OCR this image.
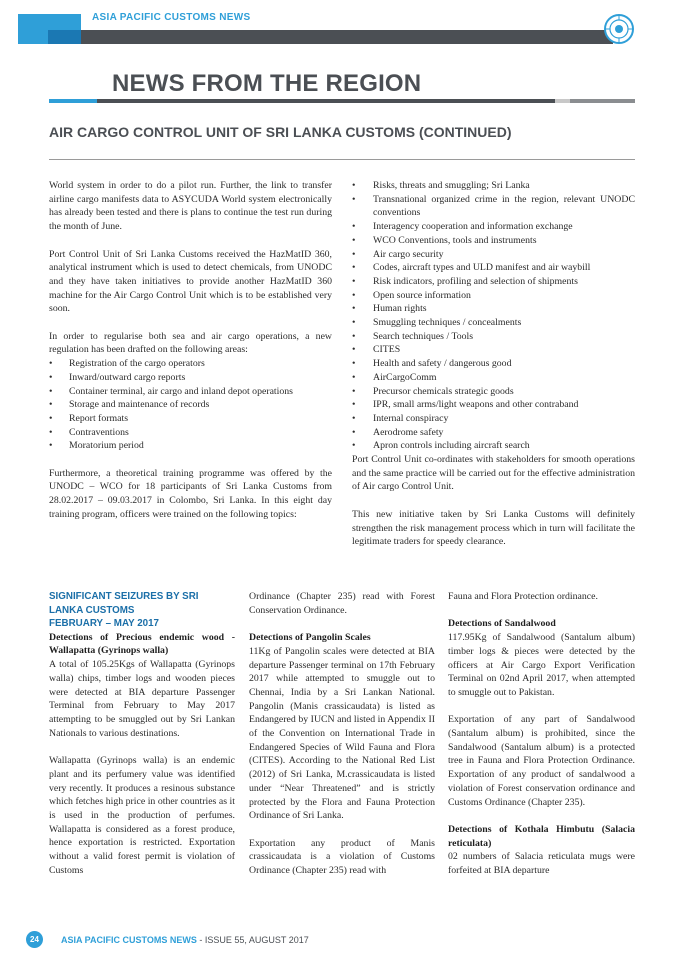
ASIA PACIFIC CUSTOMS NEWS
NEWS FROM THE REGION
AIR CARGO CONTROL UNIT OF SRI LANKA CUSTOMS (CONTINUED)

World system in order to do a pilot run. Further, the link to transfer airline cargo manifests data to ASYCUDA World system electronically has already been tested and there is plans to continue the test run during the month of June.

Port Control Unit of Sri Lanka Customs received the HazMatID 360, analytical instrument which is used to detect chemicals, from UNODC and they have taken initiatives to provide another HazMatID 360 machine for the Air Cargo Control Unit which is to be established very soon.

In order to regularise both sea and air cargo operations, a new regulation has been drafted on the following areas:

• Registration of the cargo operators
• Inward/outward cargo reports
• Container terminal, air cargo and inland depot operations
• Storage and maintenance of records
• Report formats
• Contraventions
• Moratorium period

Furthermore, a theoretical training programme was offered by the UNODC – WCO for 18 participants of Sri Lanka Customs from 28.02.2017 – 09.03.2017 in Colombo, Sri Lanka. In this eight day training program, officers were trained on the following topics:

• Risks, threats and smuggling; Sri Lanka
• Transnational organized crime in the region, relevant UNODC conventions
• Interagency cooperation and information exchange
• WCO Conventions, tools and instruments
• Air cargo security
• Codes, aircraft types and ULD manifest and air waybill
• Risk indicators, profiling and selection of shipments
• Open source information
• Human rights
• Smuggling techniques / concealments
• Search techniques / Tools
• CITES
• Health and safety / dangerous good
• AirCargoComm
• Precursor chemicals strategic goods
• IPR, small arms/light weapons and other contraband
• Internal conspiracy
• Aerodrome safety
• Apron controls including aircraft search

Port Control Unit co-ordinates with stakeholders for smooth operations and the same practice will be carried out for the effective administration of Air cargo Control Unit.

This new initiative taken by Sri Lanka Customs will definitely strengthen the risk management process which in turn will facilitate the legitimate traders for speedy clearance.

SIGNIFICANT SEIZURES BY SRI LANKA CUSTOMS
FEBRUARY – MAY 2017

Detections of Precious endemic wood -Wallapatta (Gyrinops walla)

A total of 105.25Kgs of Wallapatta (Gyrinops walla) chips, timber logs and wooden pieces were detected at BIA departure Passenger Terminal from February to May 2017 attempting to be smuggled out by Sri Lankan Nationals to various destinations.

Wallapatta (Gyrinops walla) is an endemic plant and its perfumery value was identified very recently. It produces a resinous substance which fetches high price in other countries as it is used in the production of perfumes. Wallapatta is considered as a forest produce, hence exportation is restricted. Exportation without a valid forest permit is violation of Customs

Ordinance (Chapter 235) read with Forest Conservation Ordinance.

Detections of Pangolin Scales

11Kg of Pangolin scales were detected at BIA departure Passenger terminal on 17th February 2017 while attempted to smuggle out to Chennai, India by a Sri Lankan National. Pangolin (Manis crassicaudata) is listed as Endangered by IUCN and listed in Appendix II of the Convention on International Trade in Endangered Species of Wild Fauna and Flora (CITES). According to the National Red List (2012) of Sri Lanka, M.crassicaudata is listed under “Near Threatened” and is strictly protected by the Flora and Fauna Protection Ordinance of Sri Lanka.

Exportation any product of Manis crassicaudata is a violation of Customs Ordinance (Chapter 235) read with

Fauna and Flora Protection ordinance.

Detections of Sandalwood

117.95Kg of Sandalwood (Santalum album) timber logs & pieces were detected by the officers at Air Cargo Export Verification Terminal on 02nd April 2017, when attempted to smuggle out to Pakistan.

Exportation of any part of Sandalwood (Santalum album) is prohibited, since the Sandalwood (Santalum album) is a protected tree in Fauna and Flora Protection Ordinance. Exportation of any product of sandalwood a violation of Forest conservation ordinance and Customs Ordinance (Chapter 235).

Detections of Kothala Himbutu (Salacia reticulata)

02 numbers of Salacia reticulata mugs were forfeited at BIA departure

24	ASIA PACIFIC CUSTOMS NEWS - ISSUE 55, AUGUST 2017
